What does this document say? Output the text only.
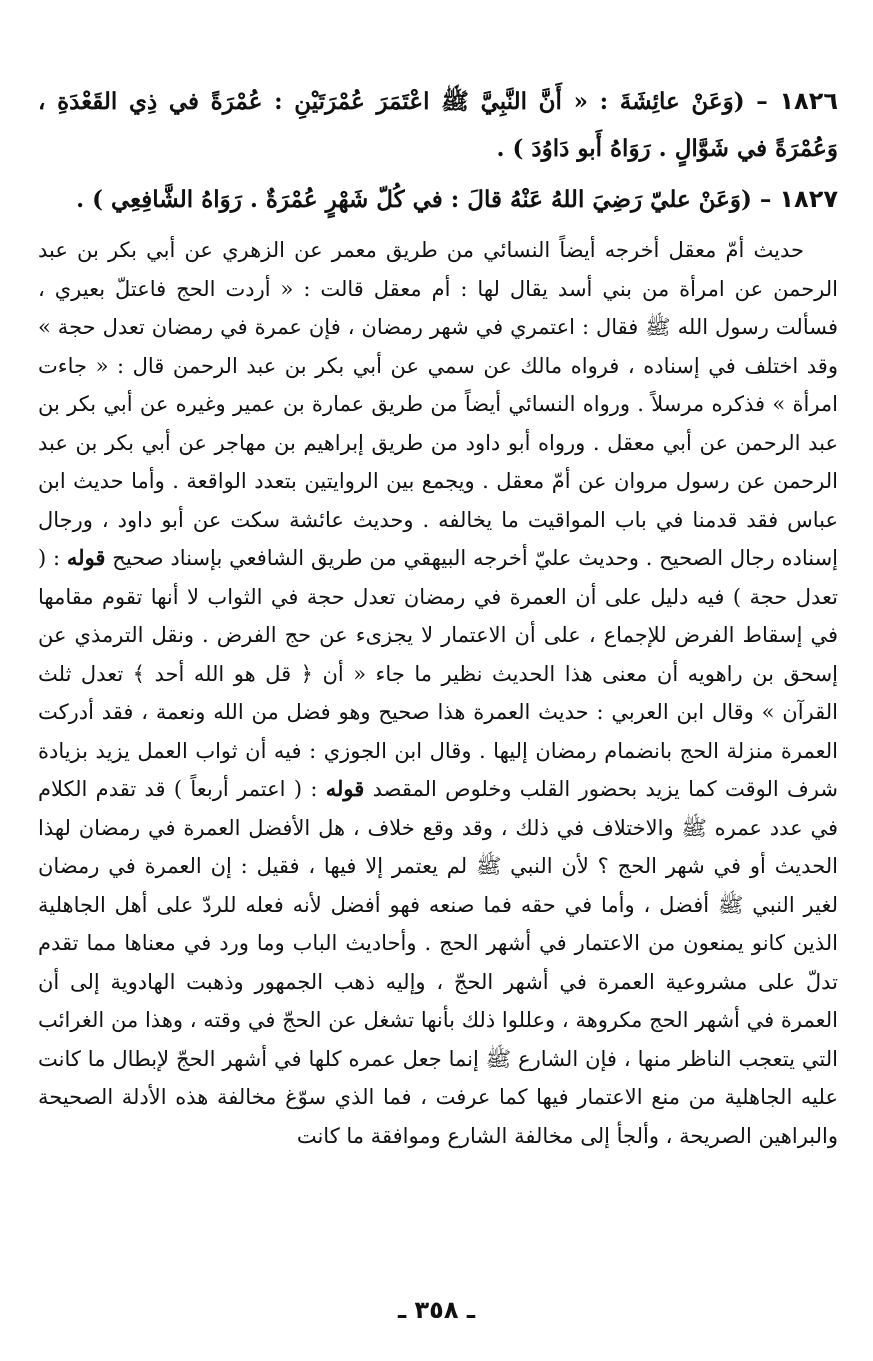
١٨٢٦ – (وَعَنْ عائِشَةَ : « أَنَّ النَّبِيَّ ﷺ اعْتَمَرَ عُمْرَتَيْنِ : عُمْرَةً في ذِي القَعْدَةِ ، وَعُمْرَةً في شَوَّالٍ . رَوَاهُ أَبو دَاوُدَ ) .

١٨٢٧ – (وَعَنْ عليّ رَضِيَ اللهُ عَنْهُ قالَ : في كُلّ شَهْرٍ عُمْرَةٌ . رَوَاهُ الشَّافِعِي ) .

حديث أمّ معقل أخرجه أيضاً النسائي من طريق معمر عن الزهري عن أبي بكر بن عبد الرحمن عن امرأة من بني أسد يقال لها : أم معقل قالت : « أردت الحج فاعتلّ بعيري ، فسألت رسول الله ﷺ فقال : اعتمري في شهر رمضان ، فإن عمرة في رمضان تعدل حجة » وقد اختلف في إسناده ، فرواه مالك عن سمي عن أبي بكر بن عبد الرحمن قال : « جاءت امرأة » فذكره مرسلاً . ورواه النسائي أيضاً من طريق عمارة بن عمير وغيره عن أبي بكر بن عبد الرحمن عن أبي معقل . ورواه أبو داود من طريق إبراهيم بن مهاجر عن أبي بكر بن عبد الرحمن عن رسول مروان عن أمّ معقل . ويجمع بين الروايتين بتعدد الواقعة . وأما حديث ابن عباس فقد قدمنا في باب المواقيت ما يخالفه . وحديث عائشة سكت عن أبو داود ، ورجال إسناده رجال الصحيح . وحديث عليّ أخرجه البيهقي من طريق الشافعي بإسناد صحيح قوله : ( تعدل حجة ) فيه دليل على أن العمرة في رمضان تعدل حجة في الثواب لا أنها تقوم مقامها في إسقاط الفرض للإجماع ، على أن الاعتمار لا يجزىء عن حج الفرض . ونقل الترمذي عن إسحق بن راهويه أن معنى هذا الحديث نظير ما جاء « أن ﴿ قل هو الله أحد ﴾ تعدل ثلث القرآن » وقال ابن العربي : حديث العمرة هذا صحيح وهو فضل من الله ونعمة ، فقد أدركت العمرة منزلة الحج بانضمام رمضان إليها . وقال ابن الجوزي : فيه أن ثواب العمل يزيد بزيادة شرف الوقت كما يزيد بحضور القلب وخلوص المقصد قوله : ( اعتمر أربعاً ) قد تقدم الكلام في عدد عمره ﷺ والاختلاف في ذلك ، وقد وقع خلاف ، هل الأفضل العمرة في رمضان لهذا الحديث أو في شهر الحج ؟ لأن النبي ﷺ لم يعتمر إلا فيها ، فقيل : إن العمرة في رمضان لغير النبي ﷺ أفضل ، وأما في حقه فما صنعه فهو أفضل لأنه فعله للردّ على أهل الجاهلية الذين كانو يمنعون من الاعتمار في أشهر الحج . وأحاديث الباب وما ورد في معناها مما تقدم تدلّ على مشروعية العمرة في أشهر الحجّ ، وإليه ذهب الجمهور وذهبت الهادوية إلى أن العمرة في أشهر الحج مكروهة ، وعللوا ذلك بأنها تشغل عن الحجّ في وقته ، وهذا من الغرائب التي يتعجب الناظر منها ، فإن الشارع ﷺ إنما جعل عمره كلها في أشهر الحجّ لإبطال ما كانت عليه الجاهلية من منع الاعتمار فيها كما عرفت ، فما الذي سوّغ مخالفة هذه الأدلة الصحيحة والبراهين الصريحة ، وألجأ إلى مخالفة الشارع وموافقة ما كانت

ـ ٣٥٨ ـ
